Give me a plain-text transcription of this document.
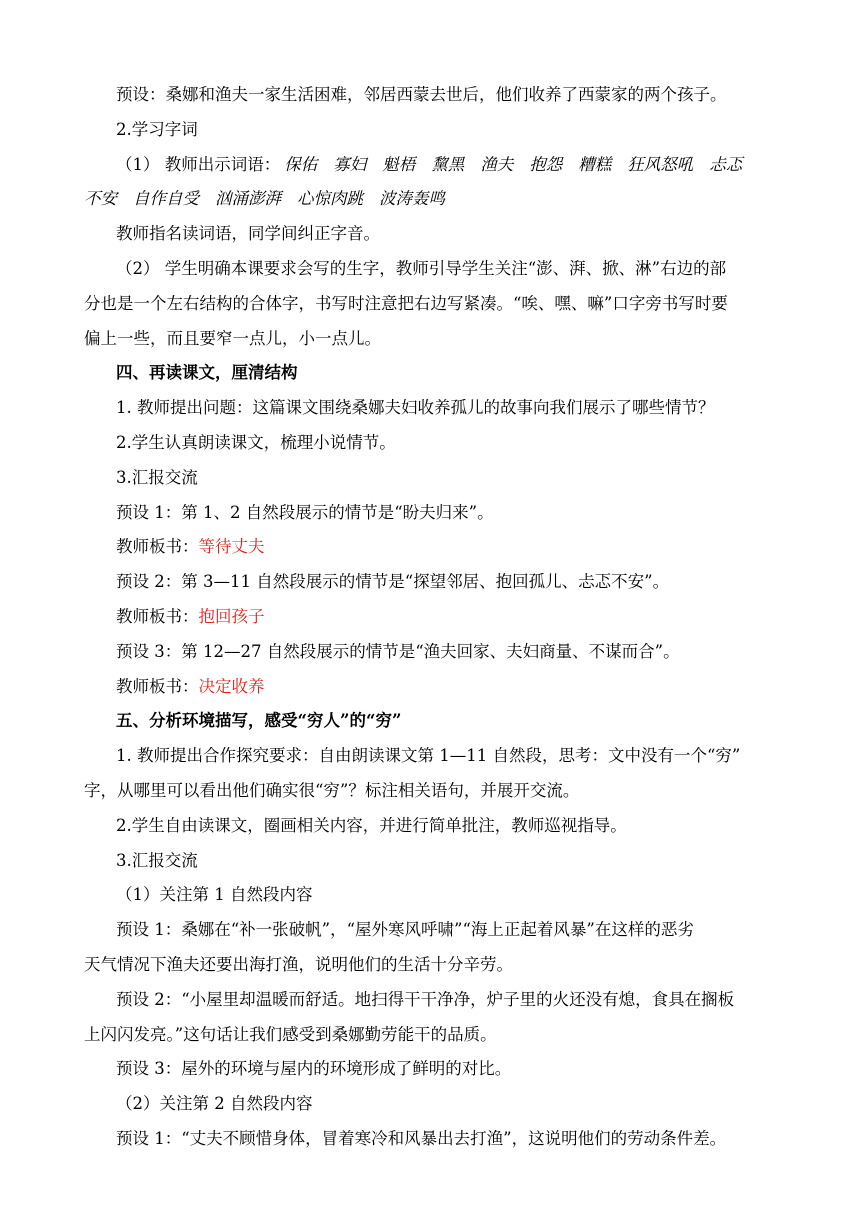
预设：桑娜和渔夫一家生活困难，邻居西蒙去世后，他们收养了西蒙家的两个孩子。

2.学习字词

（1） 教师出示词语： 保佑 寡妇 魁梧 黧黑 渔夫 抱怨 糟糕 狂风怒吼 忐忑

不安 自作自受 汹涌澎湃 心惊肉跳 波涛轰鸣

教师指名读词语，同学间纠正字音。

（2） 学生明确本课要求会写的生字，教师引导学生关注“澎、湃、掀、淋”右边的部

分也是一个左右结构的合体字，书写时注意把右边写紧凑。“唉、嘿、嘛”口字旁书写时要

偏上一些，而且要窄一点儿，小一点儿。

四、再读课文，厘清结构

1. 教师提出问题：这篇课文围绕桑娜夫妇收养孤儿的故事向我们展示了哪些情节？

2.学生认真朗读课文，梳理小说情节。

3.汇报交流

预设 1：第 1、2 自然段展示的情节是“盼夫归来”。

教师板书：等待丈夫

预设 2：第 3—11 自然段展示的情节是“探望邻居、抱回孤儿、忐忑不安”。

教师板书：抱回孩子

预设 3：第 12—27 自然段展示的情节是“渔夫回家、夫妇商量、不谋而合”。

教师板书：决定收养

五、分析环境描写，感受“穷人”的“穷”

1. 教师提出合作探究要求：自由朗读课文第 1—11 自然段，思考：文中没有一个“穷”

字，从哪里可以看出他们确实很“穷”？标注相关语句，并展开交流。

2.学生自由读课文，圈画相关内容，并进行简单批注，教师巡视指导。

3.汇报交流

（1）关注第 1 自然段内容

预设 1：桑娜在“补一张破帆”，“屋外寒风呼啸”“海上正起着风暴”在这样的恶劣

天气情况下渔夫还要出海打渔，说明他们的生活十分辛劳。

预设 2：“小屋里却温暖而舒适。地扫得干干净净，炉子里的火还没有熄，食具在搁板

上闪闪发亮。”这句话让我们感受到桑娜勤劳能干的品质。

预设 3：屋外的环境与屋内的环境形成了鲜明的对比。

（2）关注第 2 自然段内容

预设 1：“丈夫不顾惜身体，冒着寒冷和风暴出去打渔”，这说明他们的劳动条件差。
